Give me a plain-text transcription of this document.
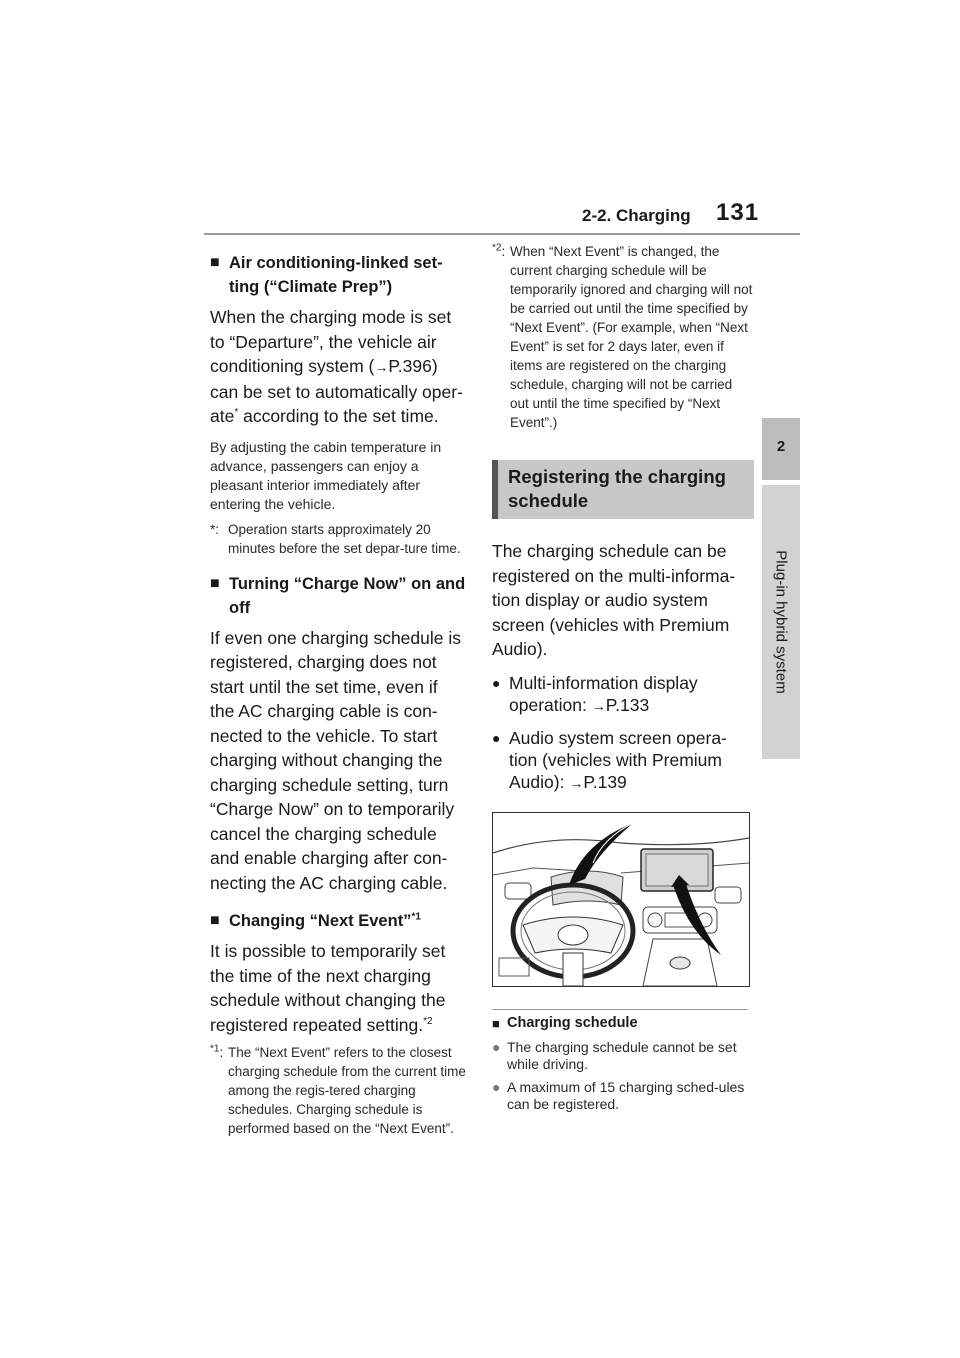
2-2. Charging 131
2
Plug-in hybrid system
■ Air conditioning-linked set-ting (“Climate Prep”)
When the charging mode is set to “Departure”, the vehicle air conditioning system (→P.396) can be set to automatically oper-ate* according to the set time.
By adjusting the cabin temperature in advance, passengers can enjoy a pleasant interior immediately after entering the vehicle.
*: Operation starts approximately 20 minutes before the set depar-ture time.
■ Turning “Charge Now” on and off
If even one charging schedule is registered, charging does not start until the set time, even if the AC charging cable is con-nected to the vehicle. To start charging without changing the charging schedule setting, turn “Charge Now” on to temporarily cancel the charging schedule and enable charging after con-necting the AC charging cable.
■ Changing “Next Event”$^{*1}$
It is possible to temporarily set the time of the next charging schedule without changing the registered repeated setting.$^{*2}$
$^{*1}$: The “Next Event” refers to the closest charging schedule from the current time among the regis-tered charging schedules. Charging schedule is performed based on the “Next Event”.
$^{*2}$: When “Next Event” is changed, the current charging schedule will be temporarily ignored and charging will not be carried out until the time specified by “Next Event”. (For example, when “Next Event” is set for 2 days later, even if items are registered on the charging schedule, charging will not be carried out until the time specified by “Next Event”.)
Registering the charging schedule
The charging schedule can be registered on the multi-informa-tion display or audio system screen (vehicles with Premium Audio).
● Multi-information display operation: →P.133
● Audio system screen opera-tion (vehicles with Premium Audio): →P.139
■ Charging schedule
● The charging schedule cannot be set while driving.
● A maximum of 15 charging sched-ules can be registered.
